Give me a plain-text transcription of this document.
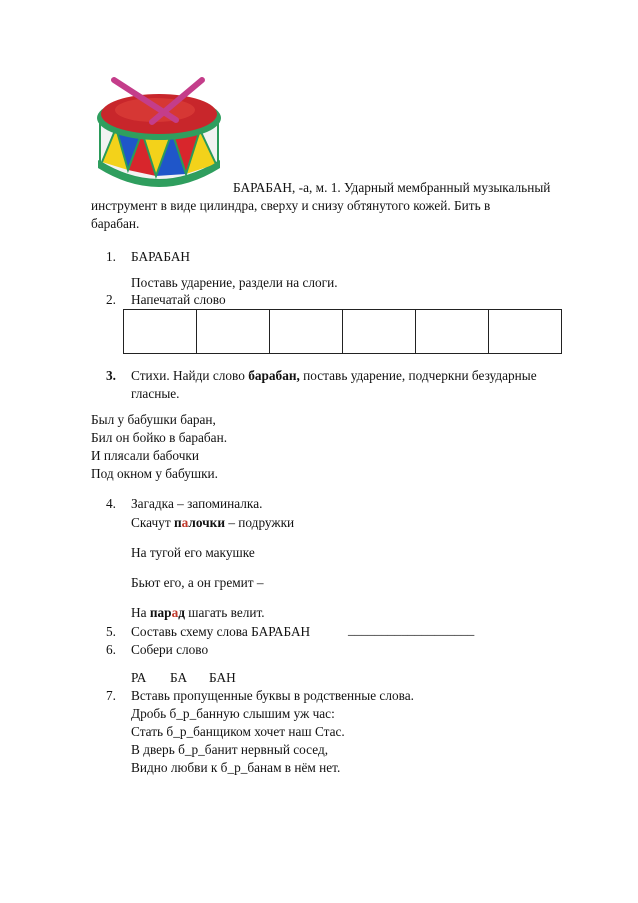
БАРАБАН, -а, м. 1. Ударный мембранный музыкальный
инструмент в виде цилиндра, сверху и снизу обтянутого кожей. Бить в
барабан.
1. БАРАБАН
Поставь ударение, раздели на слоги.
2. Напечатай слово

3. Стихи. Найди слово барабан, поставь ударение, подчеркни безударные
гласные.
Был у бабушки баран,
Бил он бойко в барабан.
И плясали бабочки
Под окном у бабушки.
4. Загадка – запоминалка.
Скачут палочки – подружки
На тугой его макушке
Бьют его, а он гремит –
На парад шагать велит.
5. Составь схему слова БАРАБАН	___________________
6. Собери слово
РА БА БАН
7. Вставь пропущенные буквы в родственные слова.
Дробь б_р_банную слышим уж час:
Стать б_р_банщиком хочет наш Стас.
В дверь б_р_банит нервный сосед,
Видно любви к б_р_банам в нём нет.
